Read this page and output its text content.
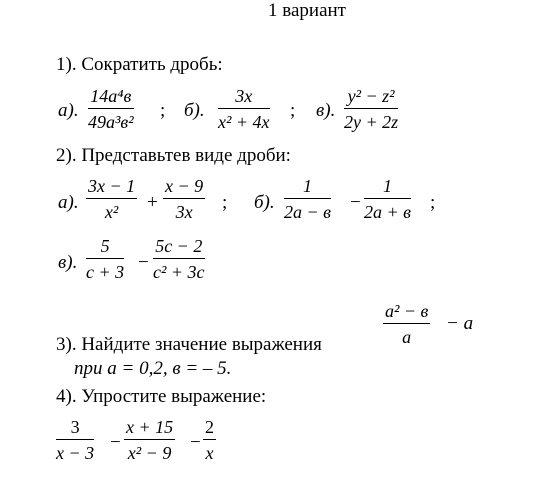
1 вариант
1). Сократить дробь:
а).
14a⁴в
49a³в²
; б). $\frac{3x}{\text{x² + 4x}}$ ; в). $\frac{\text{y² − z²}}{2y + 2z}$
2). Представьтев виде дроби:
а). $\frac{3x - 1}{\text{x²}} + \frac{x - 9}{3x}$ ; б).
1
2a − в −
1
2a + в ;
в). $\frac{5}{c + 3} - \frac{5c - 2}{\text{c² + 3c}}$
a² − в
a
− a
3). Найдите значение выражения
при a = 0,2, в = – 5.
4). Упростите выражение:
$\frac{3}{x - 3} - \frac{x + 15}{\text{x² − 9}} - \frac{2}{x}$
